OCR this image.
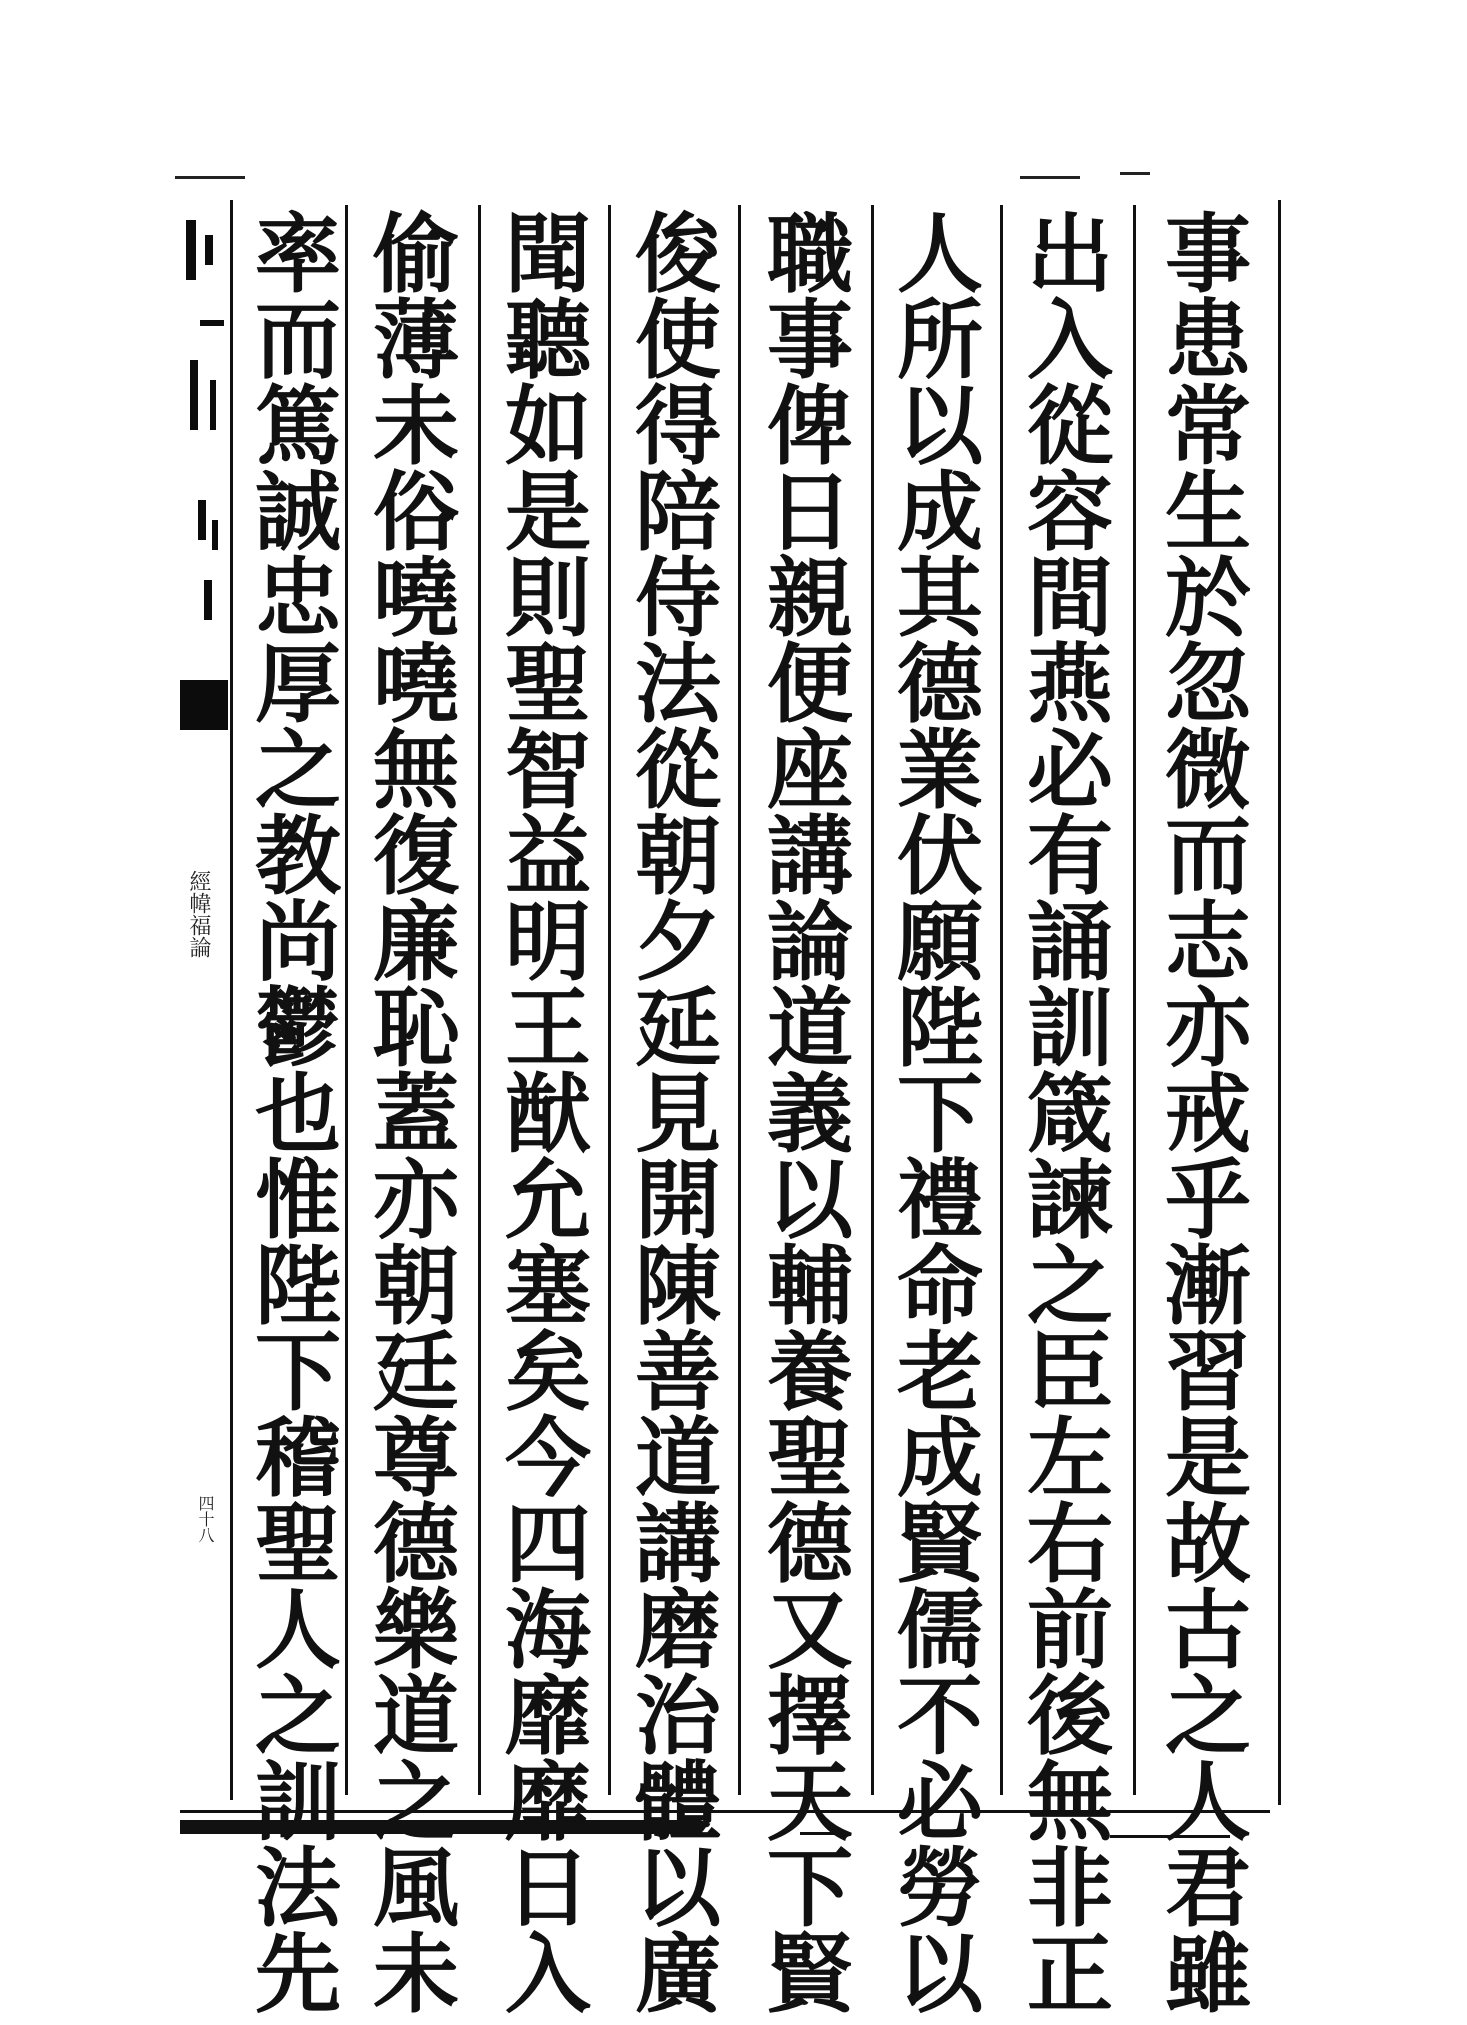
經幃福論
四十八
事
患
常
生
於
忽
微
而
志
亦
戒
乎
漸
習
是
故
古
之
人
君
雖
出
入
從
容
間
燕
必
有
誦
訓
箴
諫
之
臣
左
右
前
後
無
非
正
人
所
以
成
其
德
業
伏
願
陛
下
禮
命
老
成
賢
儒
不
必
勞
以
職
事
俾
日
親
便
座
講
論
道
義
以
輔
養
聖
德
又
擇
天
下
賢
俊
使
得
陪
侍
法
從
朝
夕
延
見
開
陳
善
道
講
磨
治
體
以
廣
聞
聽
如
是
則
聖
智
益
明
王
猷
允
塞
矣
今
四
海
靡
靡
日
入
偷
薄
未
俗
嘵
嘵
無
復
廉
恥
蓋
亦
朝
廷
尊
德
樂
道
之
風
未
率
而
篤
誠
忠
厚
之
教
尚
鬱
也
惟
陛
下
稽
聖
人
之
訓
法
先
